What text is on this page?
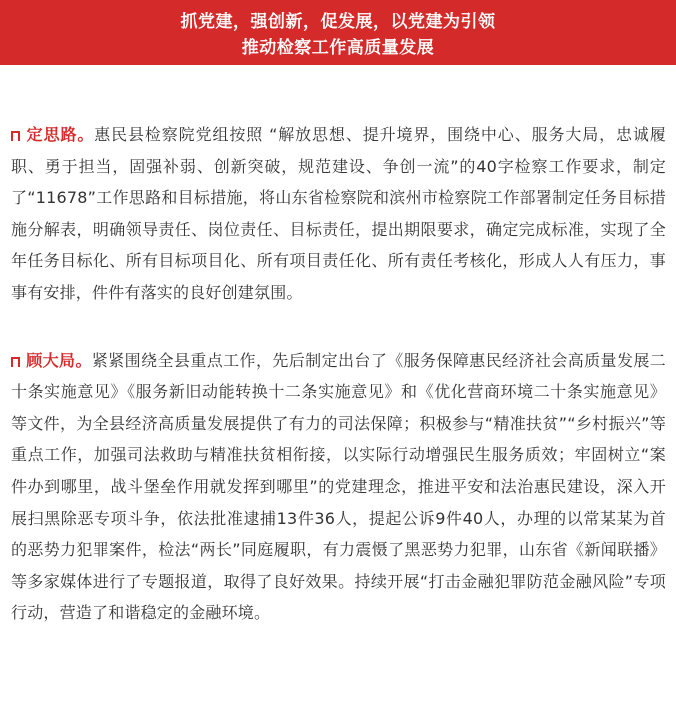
抓党建，强创新，促发展，以党建为引领
推动检察工作高质量发展

定思路。惠民县检察院党组按照 “解放思想、提升境界，围绕中心、服务大局，忠诚履职、勇于担当，固强补弱、创新突破，规范建设、争创一流”的40字检察工作要求，制定了“11678”工作思路和目标措施，将山东省检察院和滨州市检察院工作部署制定任务目标措施分解表，明确领导责任、岗位责任、目标责任，提出期限要求，确定完成标准，实现了全年任务目标化、所有目标项目化、所有项目责任化、所有责任考核化，形成人人有压力，事事有安排，件件有落实的良好创建氛围。

顾大局。紧紧围绕全县重点工作，先后制定出台了《服务保障惠民经济社会高质量发展二十条实施意见》《服务新旧动能转换十二条实施意见》和《优化营商环境二十条实施意见》等文件，为全县经济高质量发展提供了有力的司法保障；积极参与“精准扶贫”“乡村振兴”等重点工作，加强司法救助与精准扶贫相衔接，以实际行动增强民生服务质效；牢固树立“案件办到哪里，战斗堡垒作用就发挥到哪里”的党建理念，推进平安和法治惠民建设，深入开展扫黑除恶专项斗争，依法批准逮捕13件36人，提起公诉9件40人，办理的以常某某为首的恶势力犯罪案件，检法“两长”同庭履职，有力震慑了黑恶势力犯罪，山东省《新闻联播》等多家媒体进行了专题报道，取得了良好效果。持续开展“打击金融犯罪防范金融风险”专项行动，营造了和谐稳定的金融环境。
